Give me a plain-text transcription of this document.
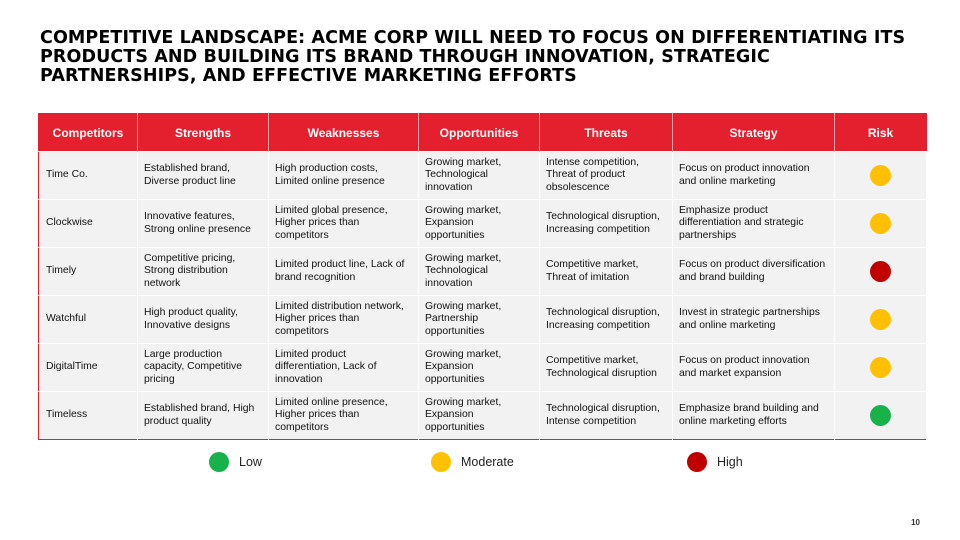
COMPETITIVE LANDSCAPE: ACME CORP WILL NEED TO FOCUS ON DIFFERENTIATING ITS PRODUCTS AND BUILDING ITS BRAND THROUGH INNOVATION, STRATEGIC PARTNERSHIPS, AND EFFECTIVE MARKETING EFFORTS
Competitors	Strengths	Weaknesses	Opportunities	Threats	Strategy	Risk
Time Co.	Established brand, Diverse product line	High production costs, Limited online presence	Growing market, Technological innovation	Intense competition, Threat of product obsolescence	Focus on product innovation and online marketing	
Clockwise	Innovative features, Strong online presence	Limited global presence, Higher prices than competitors	Growing market, Expansion opportunities	Technological disruption, Increasing competition	Emphasize product differentiation and strategic partnerships	
Timely	Competitive pricing, Strong distribution network	Limited product line, Lack of brand recognition	Growing market, Technological innovation	Competitive market, Threat of imitation	Focus on product diversification and brand building	
Watchful	High product quality, Innovative designs	Limited distribution network, Higher prices than competitors	Growing market, Partnership opportunities	Technological disruption, Increasing competition	Invest in strategic partnerships and online marketing	
DigitalTime	Large production capacity, Competitive pricing	Limited product differentiation, Lack of innovation	Growing market, Expansion opportunities	Competitive market, Technological disruption	Focus on product innovation and market expansion	
Timeless	Established brand, High product quality	Limited online presence, Higher prices than competitors	Growing market, Expansion opportunities	Technological disruption, Intense competition	Emphasize brand building and online marketing efforts	
Low	Moderate	High
10
